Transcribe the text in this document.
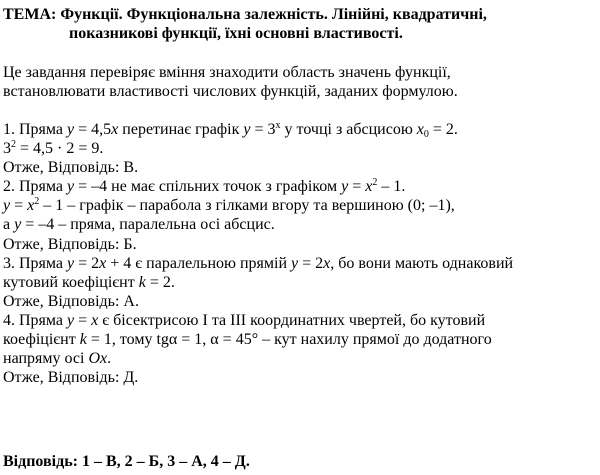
ТЕМА: Функції. Функціональна залежність. Лінійні, квадратичні,
показникові функції, їхні основні властивості.
Це завдання перевіряє вміння знаходити область значень функції,
встановлювати властивості числових функцій, заданих формулою.
1. Пряма y = 4,5x перетинає графік $y = 3^x$ у точці з абсцисою $x_0 = 2$.
$3^2 = 4,5 \cdot 2 = 9$.
Отже, Відповідь: В.
2. Пряма y = –4 не має спільних точок з графіком $y = x^2 - 1$.
$y = x^2 - 1$ – графік – парабола з гілками вгору та вершиною (0; –1),
а y = –4 – пряма, паралельна осі абсцис.
Отже, Відповідь: Б.
3. Пряма y = 2x + 4 є паралельною прямій y = 2x, бо вони мають однаковий
кутовий коефіцієнт k = 2.
Отже, Відповідь: А.
4. Пряма y = x є бісектрисою І та ІІІ координатних чвертей, бо кутовий
коефіцієнт k = 1, тому tgα = 1, α = 45° – кут нахилу прямої до додатного
напряму осі Ox.
Отже, Відповідь: Д.
Відповідь: 1 – В, 2 – Б, 3 – А, 4 – Д.
